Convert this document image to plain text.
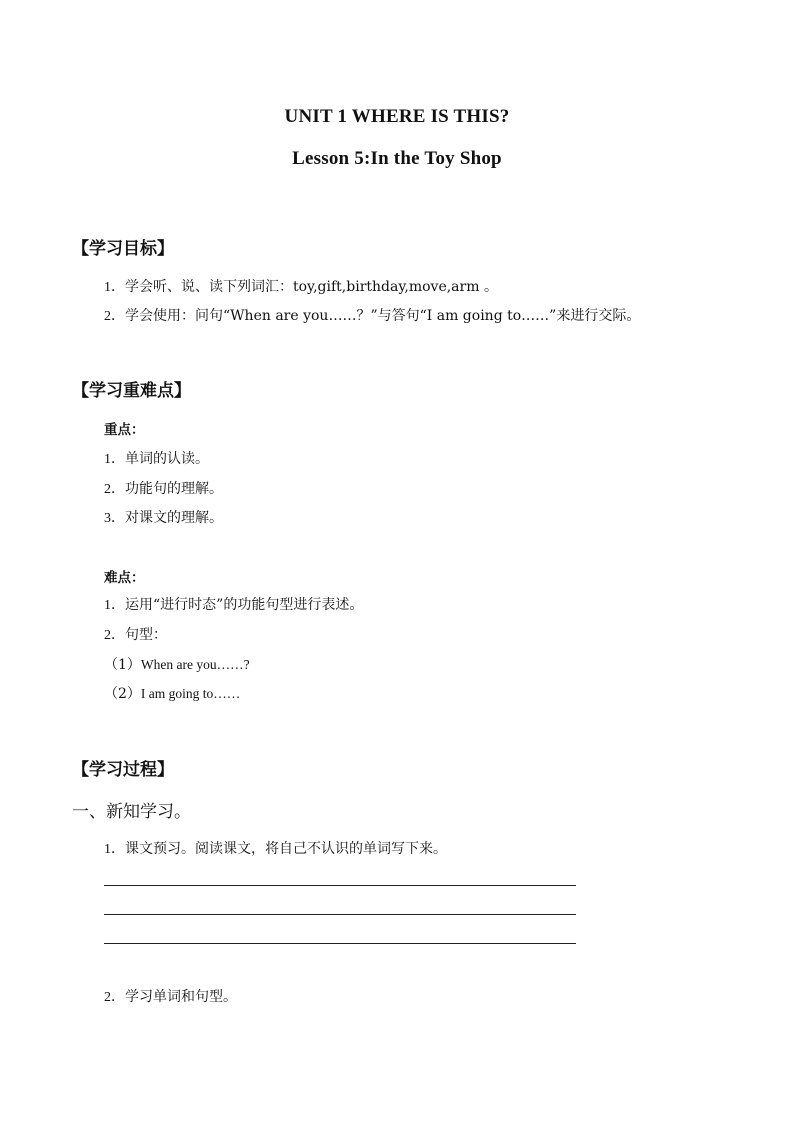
UNIT 1 WHERE IS THIS?
Lesson 5:In the Toy Shop
【学习目标】
1．学会听、说、读下列词汇：toy,gift,birthday,move,arm 。
2．学会使用：问句“When are you……？”与答句“I am going to……”来进行交际。
【学习重难点】
重点：
1．单词的认读。
2．功能句的理解。
3．对课文的理解。
难点：
1．运用“进行时态”的功能句型进行表述。
2．句型：
（1）When are you……?
（2）I am going to……
【学习过程】
一、新知学习。
1．课文预习。阅读课文，将自己不认识的单词写下来。
2．学习单词和句型。
